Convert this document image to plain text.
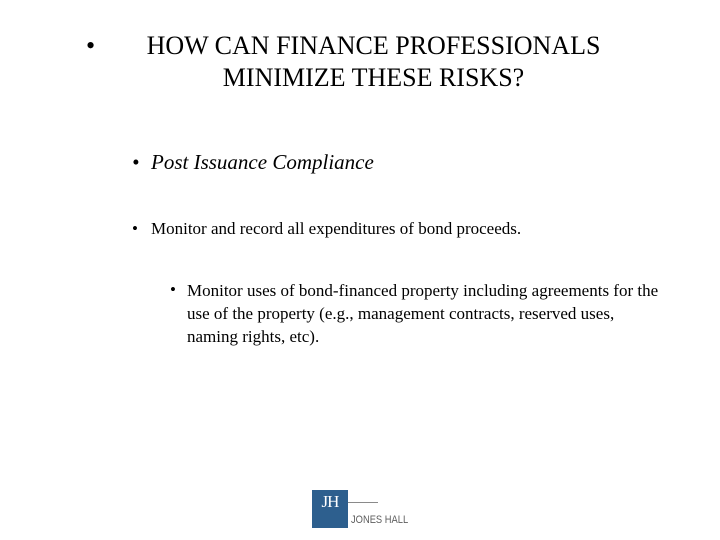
•	HOW CAN FINANCE PROFESSIONALS MINIMIZE THESE RISKS?
• Post Issuance Compliance
• Monitor and record all expenditures of bond proceeds.
• Monitor uses of bond-financed property including agreements for the use of the property (e.g., management contracts, reserved uses, naming rights, etc).
JH
JONES HALL
